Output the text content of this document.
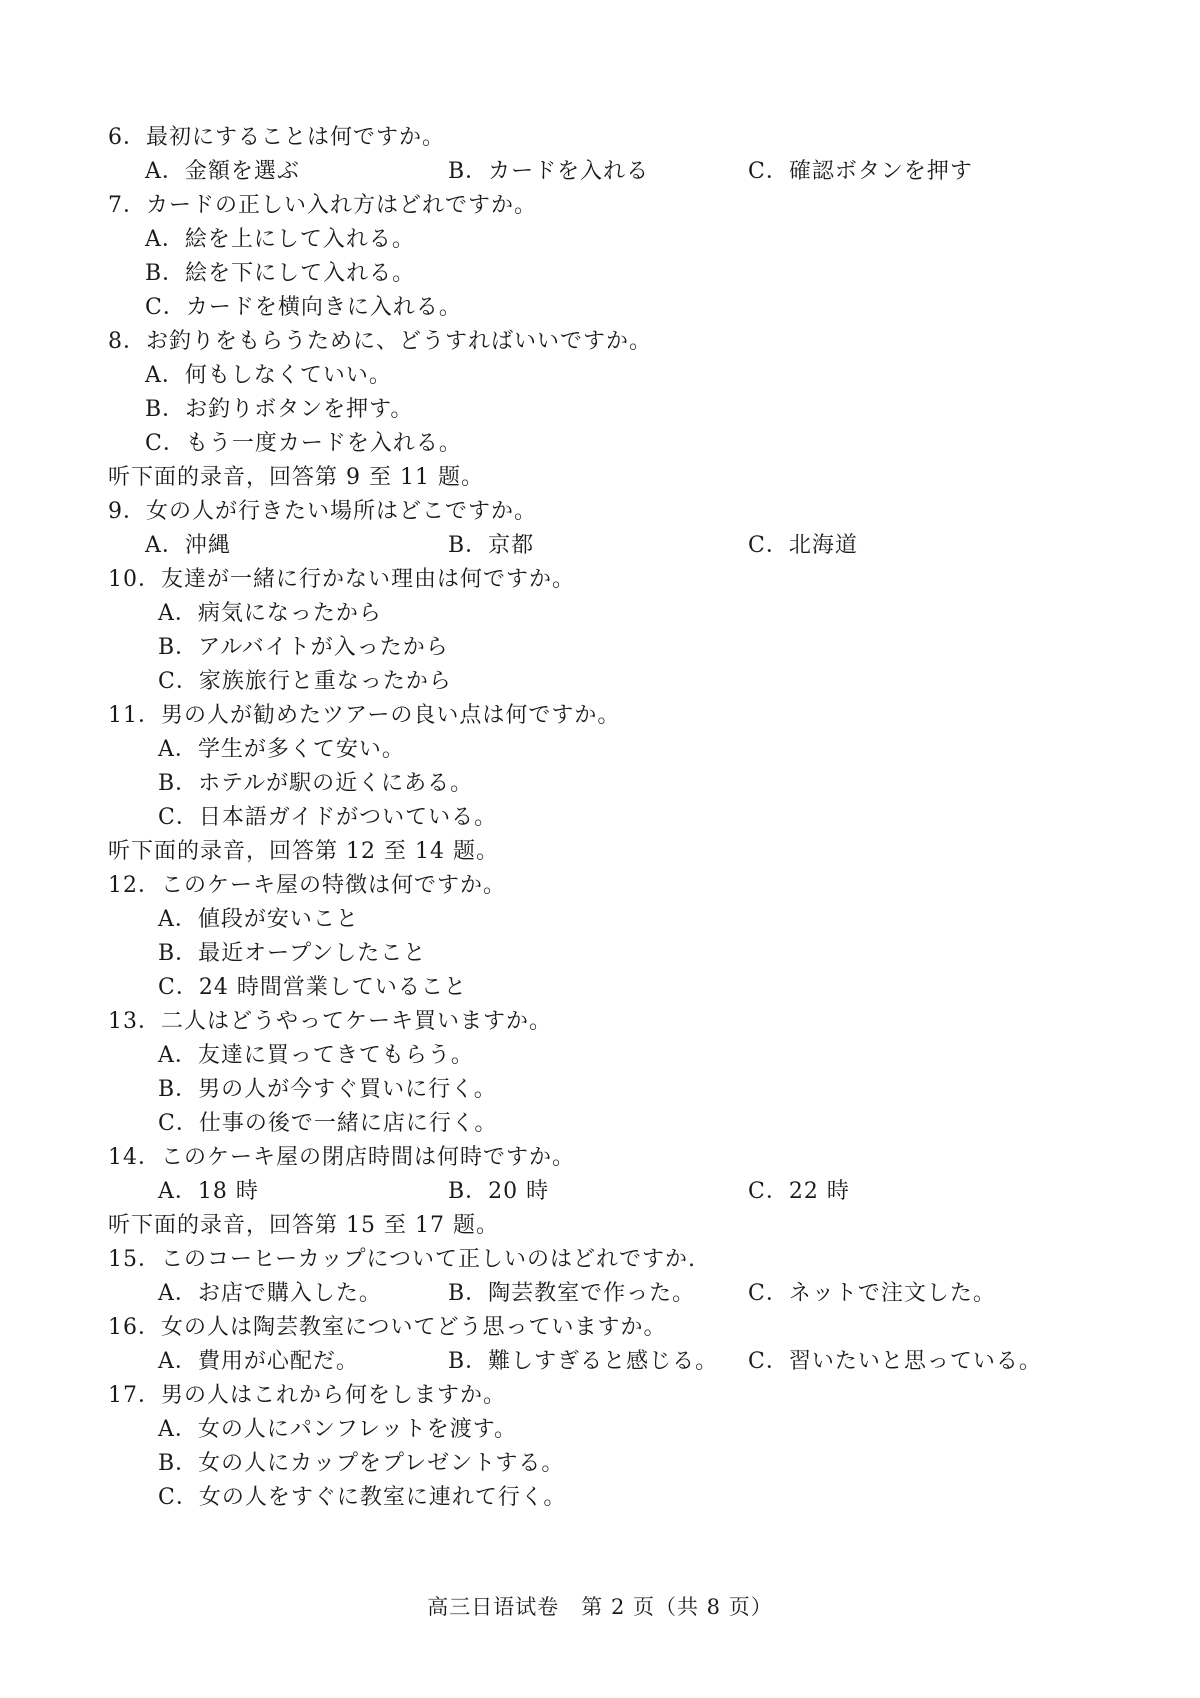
6．最初にすることは何ですか。
A．金額を選ぶ	B．カードを入れる	C．確認ボタンを押す
7．カードの正しい入れ方はどれですか。
A．絵を上にして入れる。
B．絵を下にして入れる。
C．カードを横向きに入れる。
8．お釣りをもらうために、どうすればいいですか。
A．何もしなくていい。
B．お釣りボタンを押す。
C．もう一度カードを入れる。
听下面的录音，回答第 9 至 11 题。
9．女の人が行きたい場所はどこですか。
A．沖縄	B．京都	C．北海道
10．友達が一緒に行かない理由は何ですか。
A．病気になったから
B．アルバイトが入ったから
C．家族旅行と重なったから
11．男の人が勧めたツアーの良い点は何ですか。
A．学生が多くて安い。
B．ホテルが駅の近くにある。
C．日本語ガイドがついている。
听下面的录音，回答第 12 至 14 题。
12．このケーキ屋の特徴は何ですか。
A．値段が安いこと
B．最近オープンしたこと
C．24 時間営業していること
13．二人はどうやってケーキ買いますか。
A．友達に買ってきてもらう。
B．男の人が今すぐ買いに行く。
C．仕事の後で一緒に店に行く。
14．このケーキ屋の閉店時間は何時ですか。
A．18 時	B．20 時	C．22 時
听下面的录音，回答第 15 至 17 题。
15．このコーヒーカップについて正しいのはどれですか.
A．お店で購入した。	B．陶芸教室で作った。 C．ネットで注文した。
16．女の人は陶芸教室についてどう思っていますか。
A．費用が心配だ。	B．難しすぎると感じる。 C．習いたいと思っている。
17．男の人はこれから何をしますか。
A．女の人にパンフレットを渡す。
B．女の人にカップをプレゼントする。
C．女の人をすぐに教室に連れて行く。
高三日语试卷　第 2 页（共 8 页）
